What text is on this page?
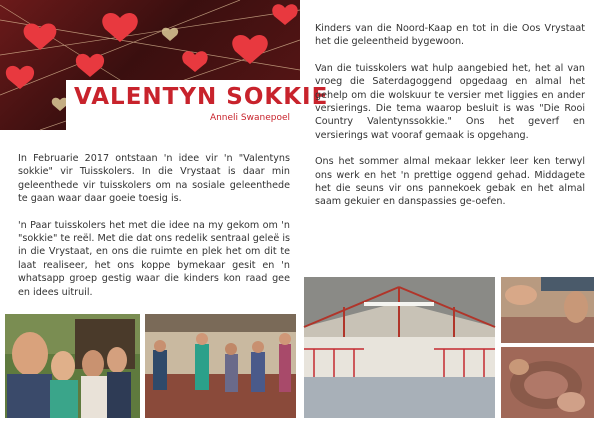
VALENTYN SOKKIE
Anneli Swanepoel

In Februarie 2017 ontstaan 'n idee vir 'n "Valentyns sokkie" vir Tuisskolers. In die Vrystaat is daar min geleenthede vir tuisskolers om na sosiale geleenthede te gaan waar daar goeie toesig is.

'n Paar tuisskolers het met die idee na my gekom om 'n "sokkie" te reël. Met die dat ons redelik sentraal geleë is in die Vrystaat, en ons die ruimte en plek het om dit te laat realiseer, het ons koppe bymekaar gesit en 'n whatsapp groep gestig waar die kinders kon raad gee en idees uitruil.

Kinders van die Noord-Kaap en tot in die Oos Vrystaat het die geleentheid bygewoon.

Van die tuisskolers wat hulp aangebied het, het al van vroeg die Saterdagoggend opgedaag en almal het gehelp om die wolskuur te versier met liggies en ander versierings. Die tema waarop besluit is was "Die Rooi Country Valentynssokkie." Ons het geverf en versierings wat vooraf gemaak is opgehang.

Ons het sommer almal mekaar lekker leer ken terwyl ons werk en het 'n prettige oggend gehad. Middagete het die seuns vir ons pannekoek gebak en het almal saam gekuier en danspassies ge-oefen.
